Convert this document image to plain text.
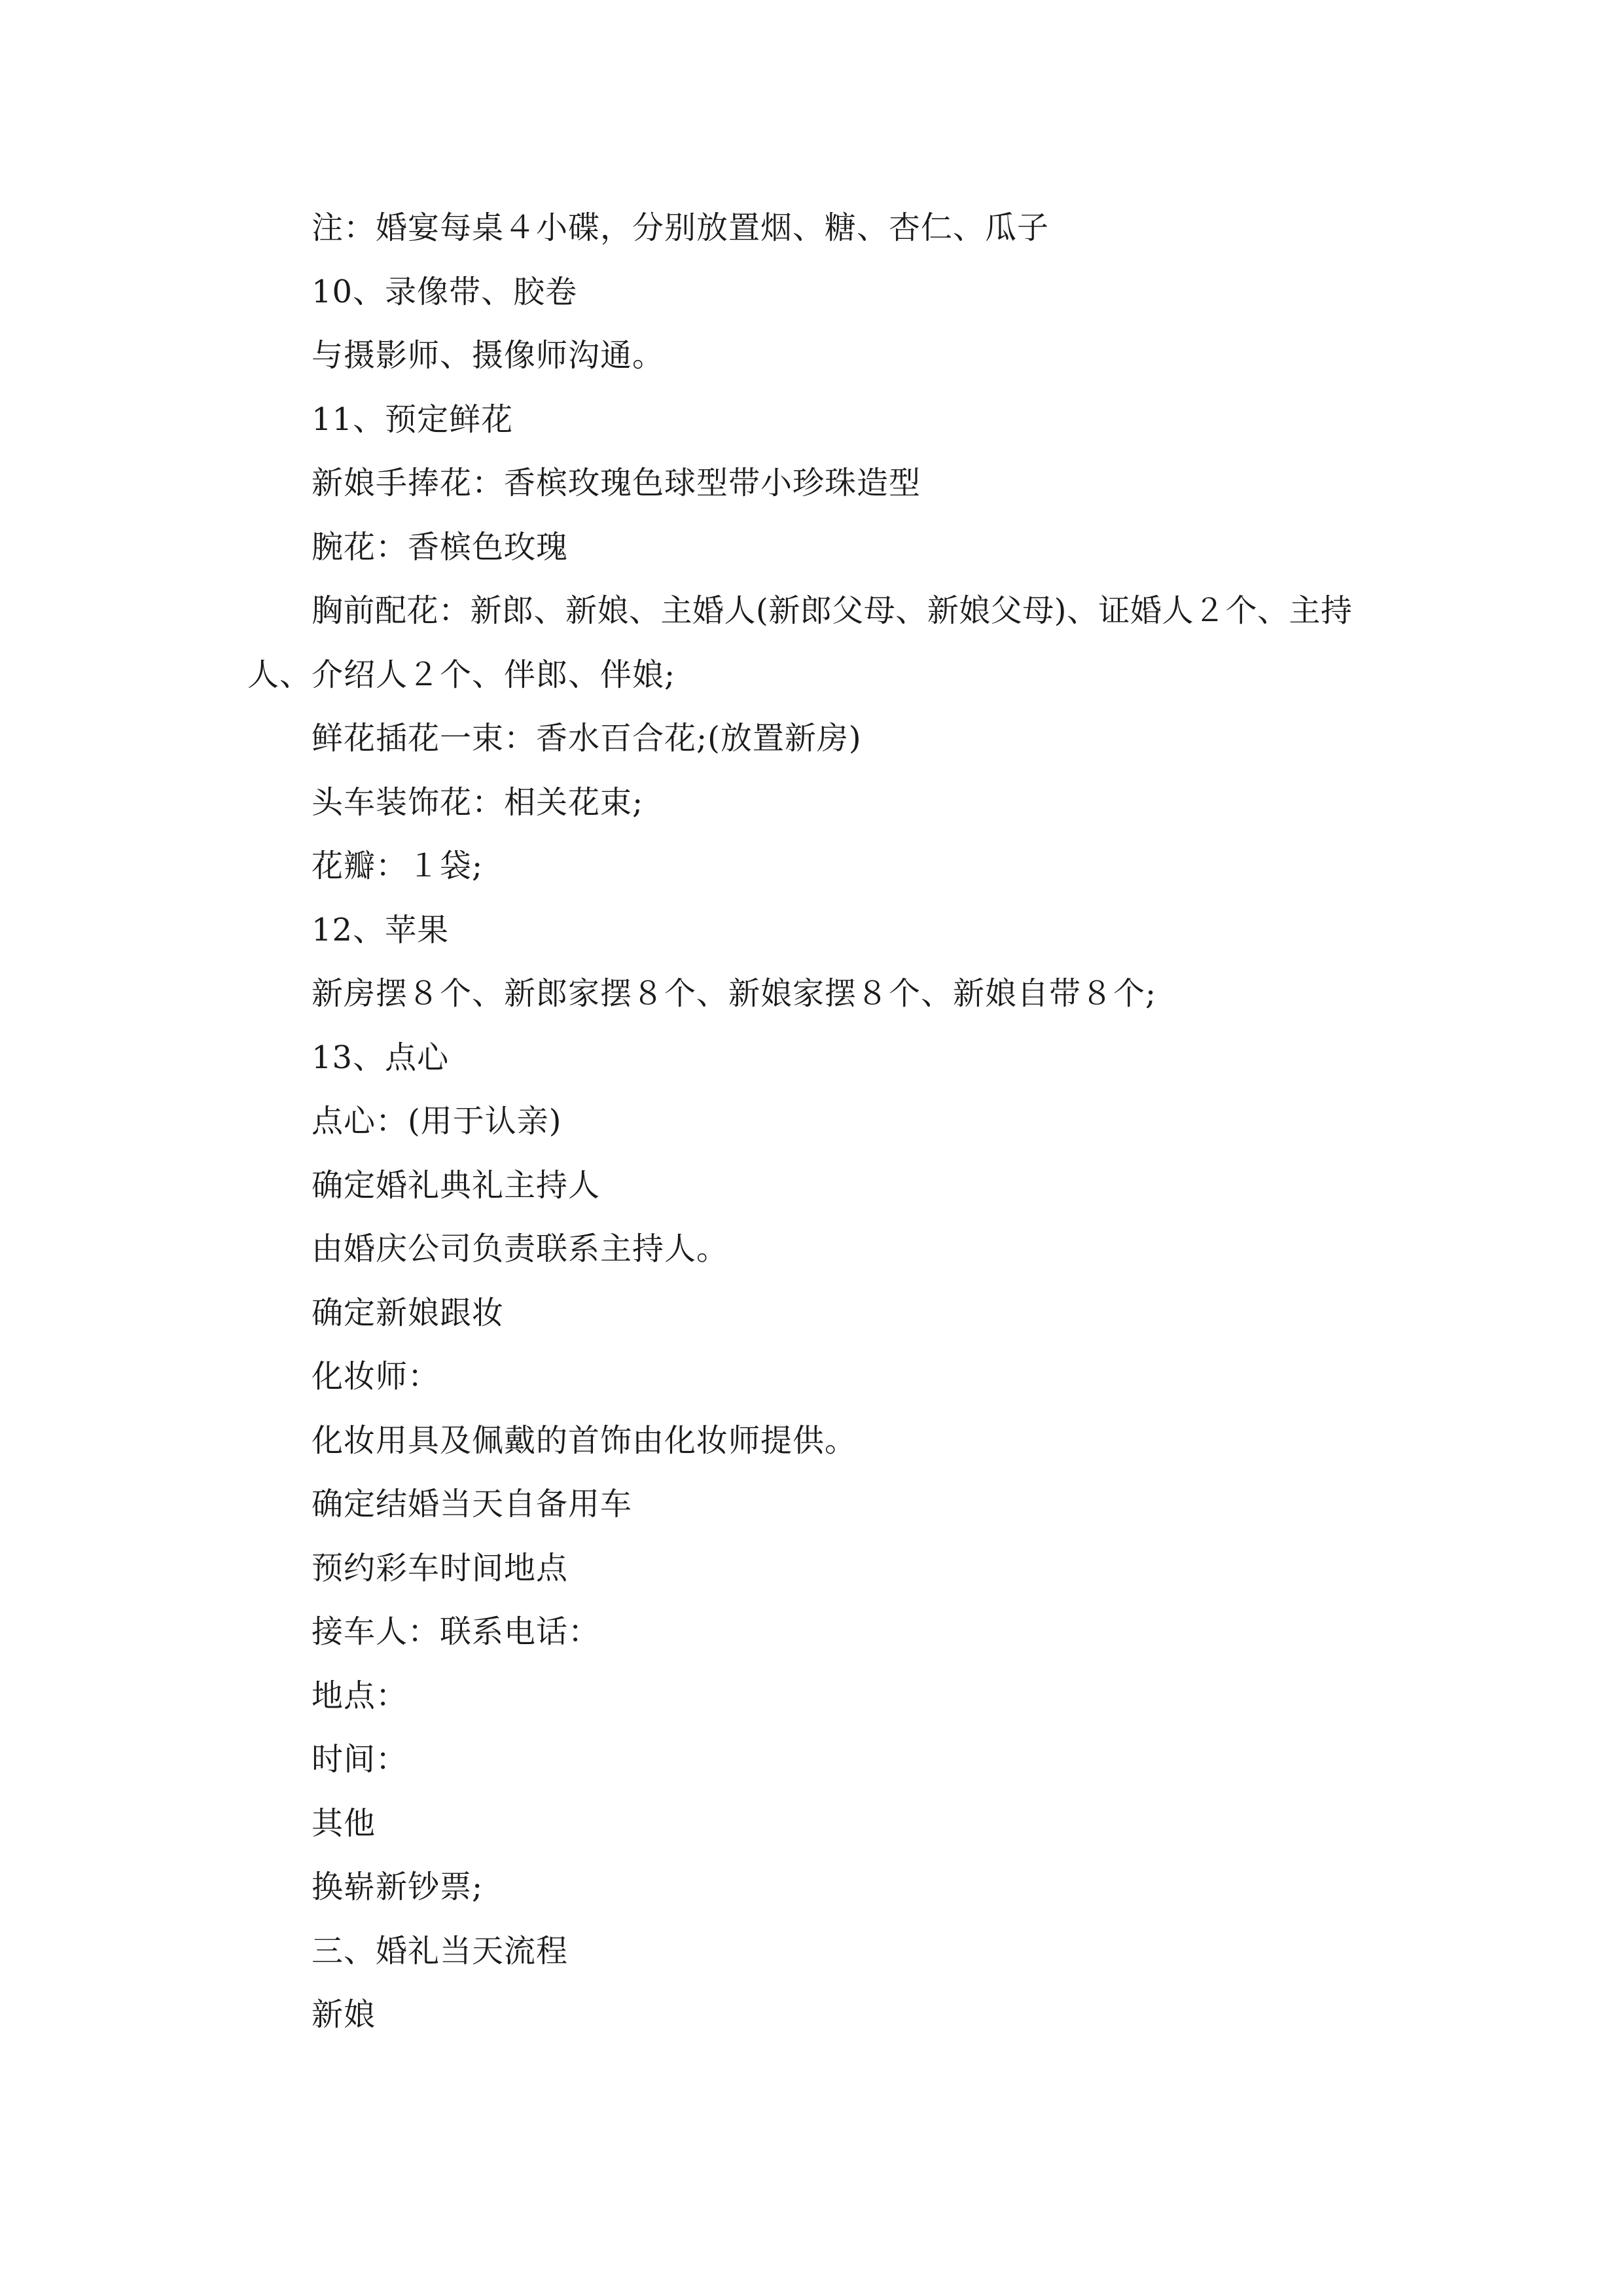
注：婚宴每桌４小碟，分别放置烟、糖、杏仁、瓜子
10、录像带、胶卷
与摄影师、摄像师沟通。
11、预定鲜花
新娘手捧花：香槟玫瑰色球型带小珍珠造型
腕花：香槟色玫瑰
胸前配花：新郎、新娘、主婚人(新郎父母、新娘父母)、证婚人２个、主持
人、介绍人２个、伴郎、伴娘;
鲜花插花一束：香水百合花;(放置新房)
头车装饰花：相关花束;
花瓣：１袋;
12、苹果
新房摆８个、新郎家摆８个、新娘家摆８个、新娘自带８个;
13、点心
点心：(用于认亲)
确定婚礼典礼主持人
由婚庆公司负责联系主持人。
确定新娘跟妆
化妆师：
化妆用具及佩戴的首饰由化妆师提供。
确定结婚当天自备用车
预约彩车时间地点
接车人：联系电话：
地点：
时间：
其他
换崭新钞票;
三、婚礼当天流程
新娘
